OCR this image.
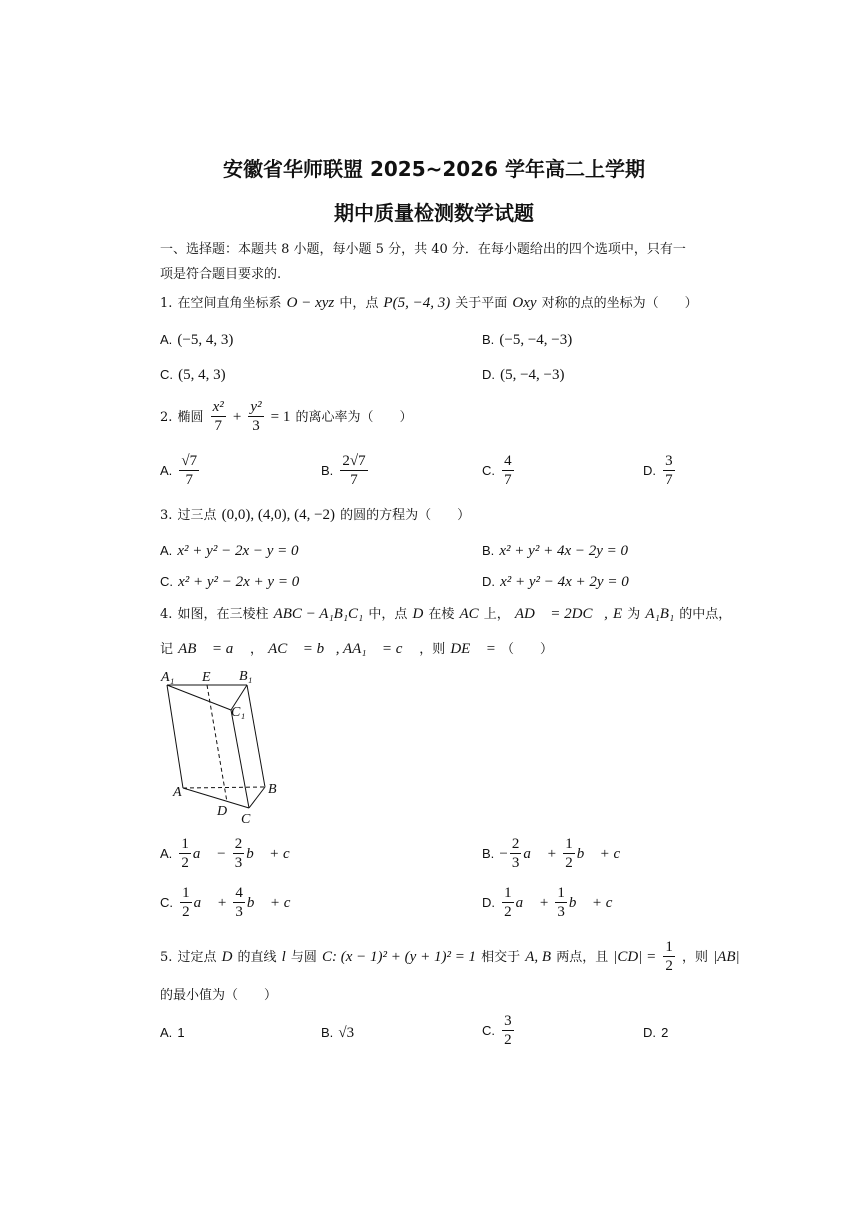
安徽省华师联盟 2025~2026 学年高二上学期
期中质量检测数学试题
一、选择题：本题共 8 小题，每小题 5 分，共 40 分．在每小题给出的四个选项中，只有一
项是符合题目要求的.
1. 在空间直角坐标系 O − xyz 中，点 P(5, −4, 3) 关于平面 Oxy 对称的点的坐标为（　　）
A. (−5, 4, 3)	B. (−5, −4, −3)
C. (5, 4, 3)	D. (5, −4, −3)
2. 椭圆 $\frac{\text{x²}}{7} + \frac{\text{y²}}{3} = 1$ 的离心率为（　　）
A. $\frac{√7}{7}$	B. $\frac{2√7}{7}$	C. $\frac{4}{7}$	D. $\frac{3}{7}$
3. 过三点 (0,0), (4,0), (4, −2) 的圆的方程为（　　）
A. x² + y² − 2x − y = 0	B. x² + y² + 4x − 2y = 0
C. x² + y² − 2x + y = 0	D. x² + y² − 4x + 2y = 0
4. 如图，在三棱柱 ABC − A₁B₁C₁ 中，点 D 在棱 AC 上， AD⃗ = 2DC⃗, E 为 A₁B₁ 的中点，
记 AB⃗ = a⃗ ， AC⃗ = b⃗, AA₁⃗ = c⃗ ，则 DE⃗ = （　　）
A₁ E B₁
C₁
A	B
D
C
A. $\frac{1}{2}$ a⃗ − $\frac{2}{3}$ b⃗ + c⃗	B. − $\frac{2}{3}$ a⃗ + $\frac{1}{2}$ b⃗ + c⃗
C. $\frac{1}{2}$ a⃗ + $\frac{4}{3}$ b⃗ + c⃗	D. $\frac{1}{2}$ a⃗ + $\frac{1}{3}$ b⃗ + c⃗
5. 过定点 D 的直线 l 与圆 C: (x − 1)² + (y + 1)² = 1 相交于 A, B 两点，且 $|CD| = \frac{1}{2}$ ，则 |AB|
的最小值为（　　）
A. 1	B. √3	C. $\frac{3}{2}$	D. 2
